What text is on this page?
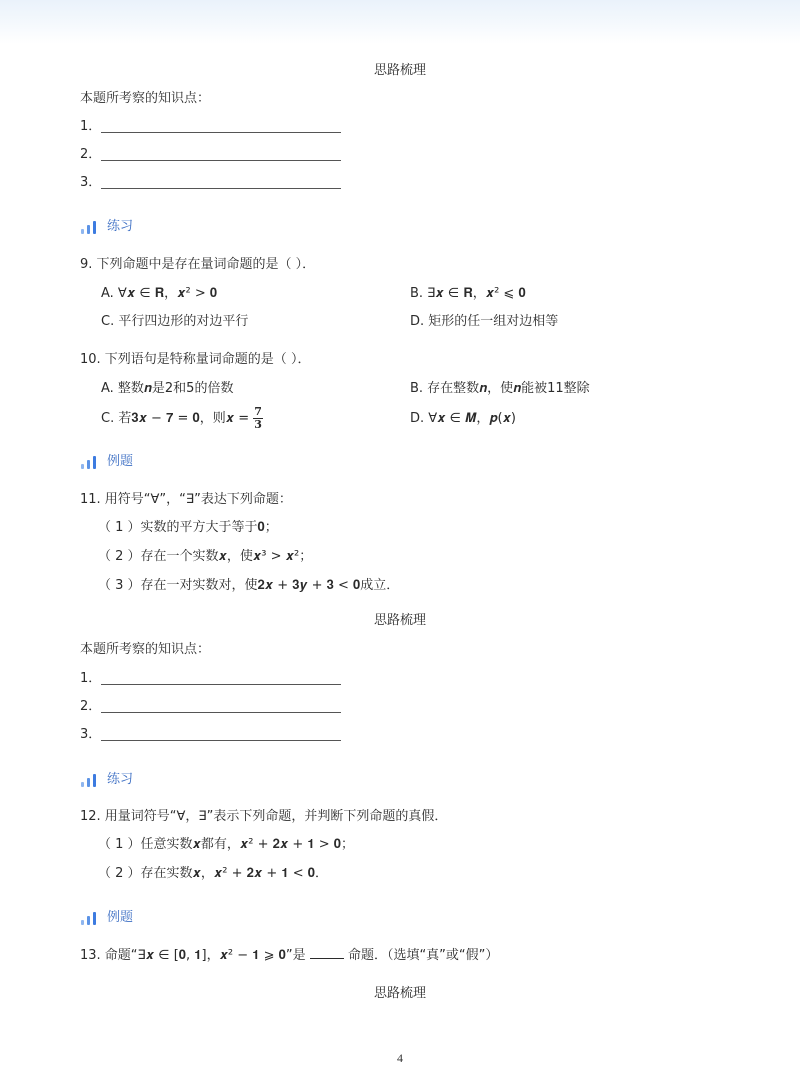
思路梳理
本题所考察的知识点：
1．
2．
3．
练习
9. 下列命题中是存在量词命题的是（ ）．
A. ∀𝒙 ∈ 𝐑，𝒙² > 𝟎	B. ∃𝒙 ∈ 𝐑，𝒙² ⩽ 𝟎
C. 平行四边形的对边平行	D. 矩形的任一组对边相等
10. 下列语句是特称量词命题的是（ ）．
A. 整数𝒏是2和5的倍数	B. 存在整数𝒏，使𝒏能被11整除
C. 若𝟑𝒙 − 𝟕 = 𝟎，则𝒙 = $\frac{7}{3}$	D. ∀𝒙 ∈ 𝑴，𝒑(𝒙)
例题
11. 用符号“∀”，“∃”表达下列命题：
（ 1 ）实数的平方大于等于𝟎；
（ 2 ）存在一个实数𝒙，使𝒙³ > 𝒙²；
（ 3 ）存在一对实数对，使𝟐𝒙 + 𝟑𝒚 + 𝟑 < 𝟎成立．
思路梳理
本题所考察的知识点：
1．
2．
3．
练习
12. 用量词符号“∀，∃”表示下列命题，并判断下列命题的真假．
（ 1 ）任意实数𝒙都有，𝒙² + 𝟐𝒙 + 𝟏 > 𝟎；
（ 2 ）存在实数𝒙，𝒙² + 𝟐𝒙 + 𝟏 < 𝟎．
例题
13. 命题“∃𝒙 ∈ [𝟎, 𝟏]，𝒙² − 𝟏 ⩾ 𝟎”是	命题．（选填“真”或“假”）
思路梳理
4
